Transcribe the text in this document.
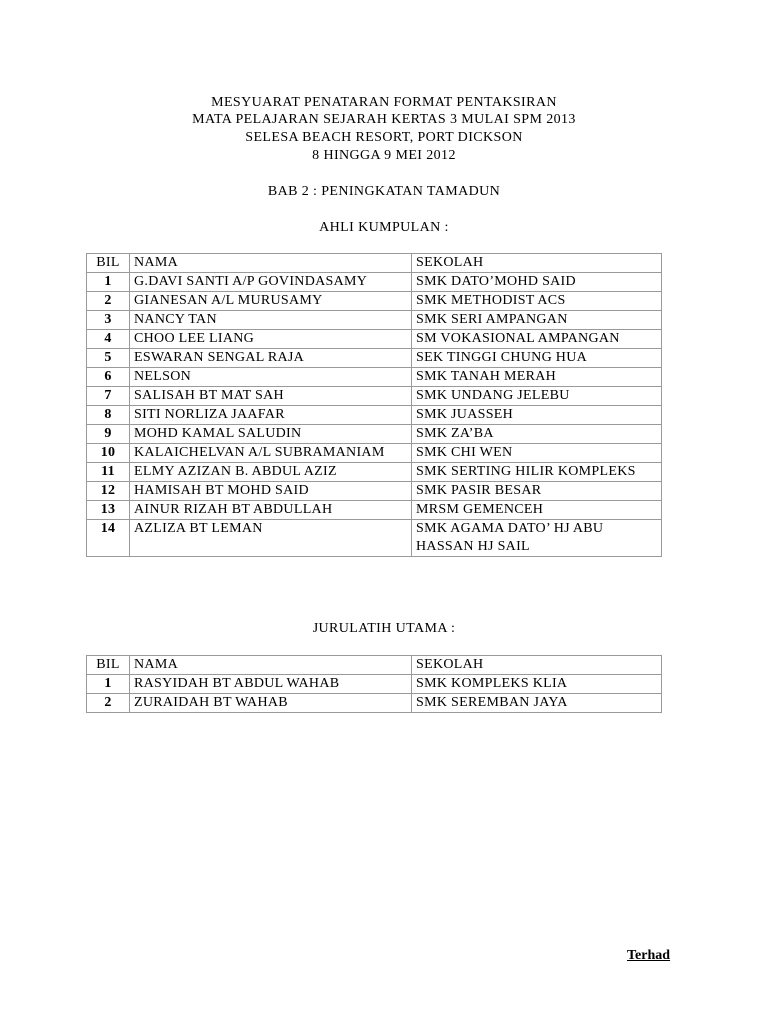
MESYUARAT PENATARAN FORMAT PENTAKSIRAN
MATA PELAJARAN SEJARAH KERTAS 3 MULAI SPM 2013
SELESA BEACH RESORT, PORT DICKSON
8 HINGGA 9 MEI 2012
BAB 2 : PENINGKATAN TAMADUN
AHLI KUMPULAN :
BIL	NAMA	SEKOLAH
1	G.DAVI SANTI A/P GOVINDASAMY	SMK DATO’MOHD SAID
2	GIANESAN A/L MURUSAMY	SMK METHODIST ACS
3	NANCY TAN	SMK SERI AMPANGAN
4	CHOO LEE LIANG	SM VOKASIONAL AMPANGAN
5	ESWARAN SENGAL RAJA	SEK TINGGI CHUNG HUA
6	NELSON	SMK TANAH MERAH
7	SALISAH BT MAT SAH	SMK UNDANG JELEBU
8	SITI NORLIZA JAAFAR	SMK JUASSEH
9	MOHD KAMAL SALUDIN	SMK ZA’BA
10	KALAICHELVAN A/L SUBRAMANIAM	SMK CHI WEN
11	ELMY AZIZAN B. ABDUL AZIZ	SMK SERTING HILIR KOMPLEKS
12	HAMISAH BT MOHD SAID	SMK PASIR BESAR
13	AINUR RIZAH BT ABDULLAH	MRSM GEMENCEH
14	AZLIZA BT LEMAN	SMK AGAMA DATO’ HJ ABU HASSAN HJ SAIL
JURULATIH UTAMA :
BIL	NAMA	SEKOLAH
1	RASYIDAH BT ABDUL WAHAB	SMK KOMPLEKS KLIA
2	ZURAIDAH BT WAHAB	SMK SEREMBAN JAYA
Terhad
